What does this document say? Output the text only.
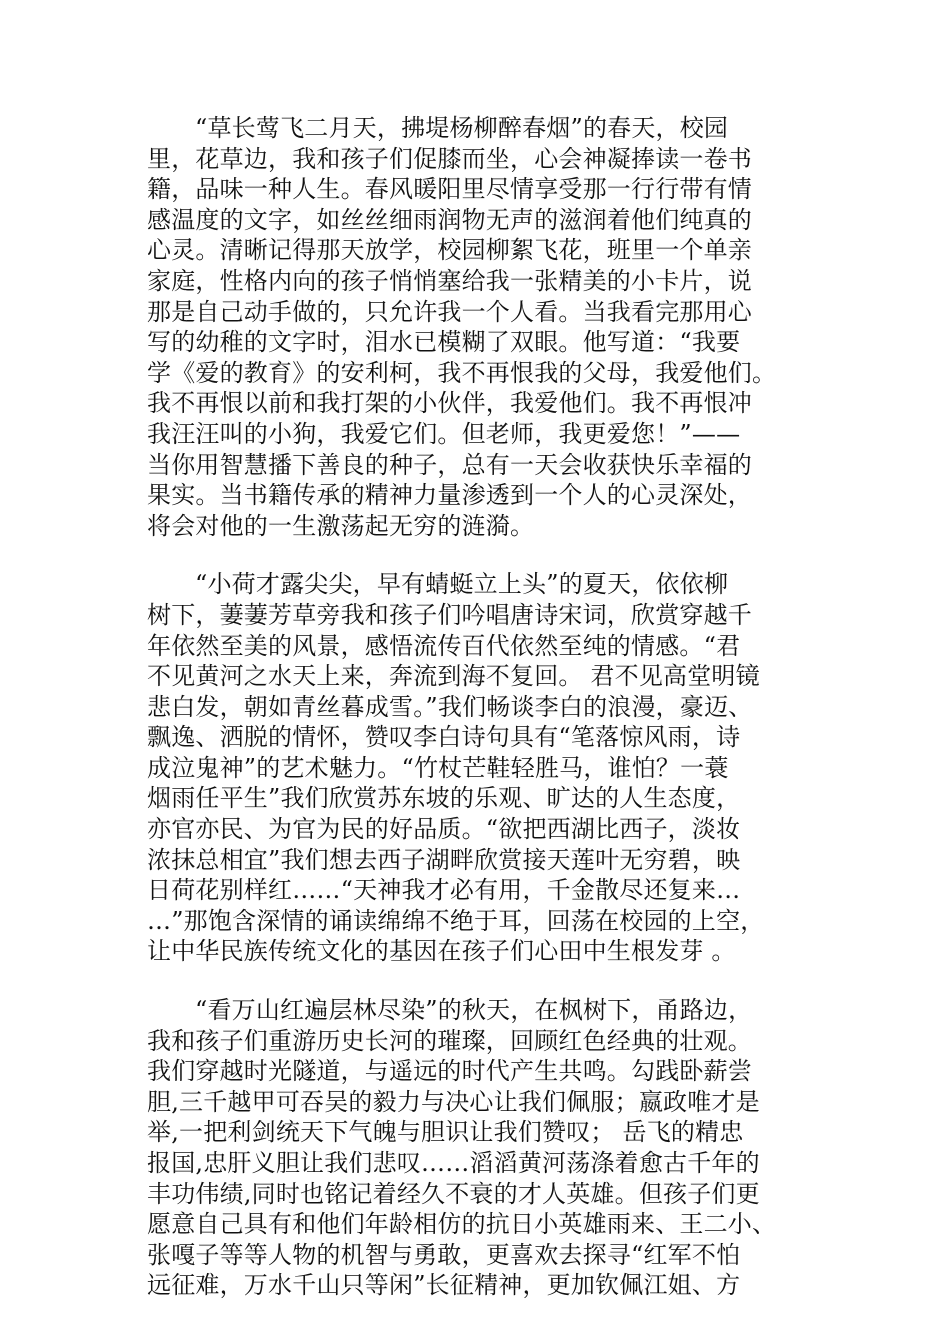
“草长莺飞二月天，拂堤杨柳醉春烟”的春天，校园
里，花草边，我和孩子们促膝而坐，心会神凝捧读一卷书
籍，品味一种人生。春风暖阳里尽情享受那一行行带有情
感温度的文字，如丝丝细雨润物无声的滋润着他们纯真的
心灵。清晰记得那天放学，校园柳絮飞花，班里一个单亲
家庭，性格内向的孩子悄悄塞给我一张精美的小卡片，说
那是自己动手做的，只允许我一个人看。当我看完那用心
写的幼稚的文字时，泪水已模糊了双眼。他写道：“我要
学《爱的教育》的安利柯，我不再恨我的父母，我爱他们。
我不再恨以前和我打架的小伙伴，我爱他们。我不再恨冲
我汪汪叫的小狗，我爱它们。但老师，我更爱您！”——
当你用智慧播下善良的种子，总有一天会收获快乐幸福的
果实。当书籍传承的精神力量渗透到一个人的心灵深处，
将会对他的一生激荡起无穷的涟漪。

“小荷才露尖尖，早有蜻蜓立上头”的夏天，依依柳
树下，萋萋芳草旁我和孩子们吟唱唐诗宋词，欣赏穿越千
年依然至美的风景，感悟流传百代依然至纯的情感。“君
不见黄河之水天上来，奔流到海不复回。 君不见高堂明镜
悲白发，朝如青丝暮成雪。”我们畅谈李白的浪漫，豪迈、
飘逸、洒脱的情怀，赞叹李白诗句具有“笔落惊风雨，诗
成泣鬼神”的艺术魅力。“竹杖芒鞋轻胜马，谁怕？一蓑
烟雨任平生”我们欣赏苏东坡的乐观、旷达的人生态度，
亦官亦民、为官为民的好品质。“欲把西湖比西子，淡妆
浓抹总相宜”我们想去西子湖畔欣赏接天莲叶无穷碧，映
日荷花别样红……“天神我才必有用，千金散尽还复来…
…”那饱含深情的诵读绵绵不绝于耳，回荡在校园的上空，
让中华民族传统文化的基因在孩子们心田中生根发芽 。

“看万山红遍层林尽染”的秋天，在枫树下，甬路边，
我和孩子们重游历史长河的璀璨，回顾红色经典的壮观。
我们穿越时光隧道，与遥远的时代产生共鸣。勾践卧薪尝
胆,三千越甲可吞吴的毅力与决心让我们佩服；嬴政唯才是
举,一把利剑统天下气魄与胆识让我们赞叹； 岳飞的精忠
报国,忠肝义胆让我们悲叹……滔滔黄河荡涤着愈古千年的
丰功伟绩,同时也铭记着经久不衰的才人英雄。但孩子们更
愿意自己具有和他们年龄相仿的抗日小英雄雨来、王二小、
张嘎子等等人物的机智与勇敢，更喜欢去探寻“红军不怕
远征难，万水千山只等闲”长征精神，更加钦佩江姐、方
